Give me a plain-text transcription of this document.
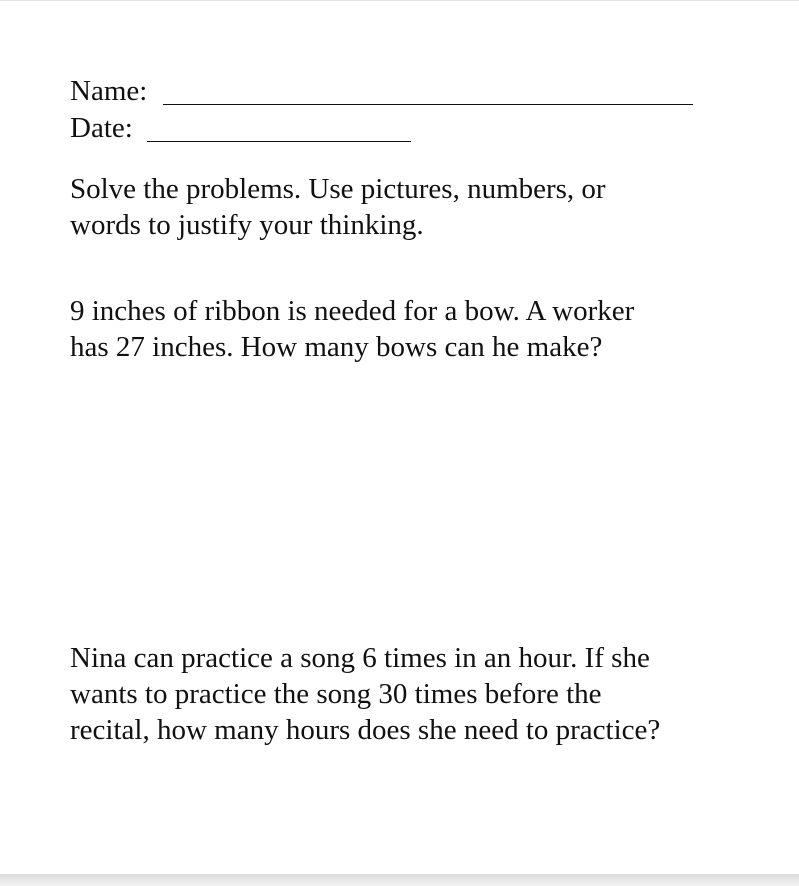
Name:
Date:
Solve the problems. Use pictures, numbers, or
words to justify your thinking.
9 inches of ribbon is needed for a bow. A worker
has 27 inches. How many bows can he make?
Nina can practice a song 6 times in an hour. If she
wants to practice the song 30 times before the
recital, how many hours does she need to practice?
